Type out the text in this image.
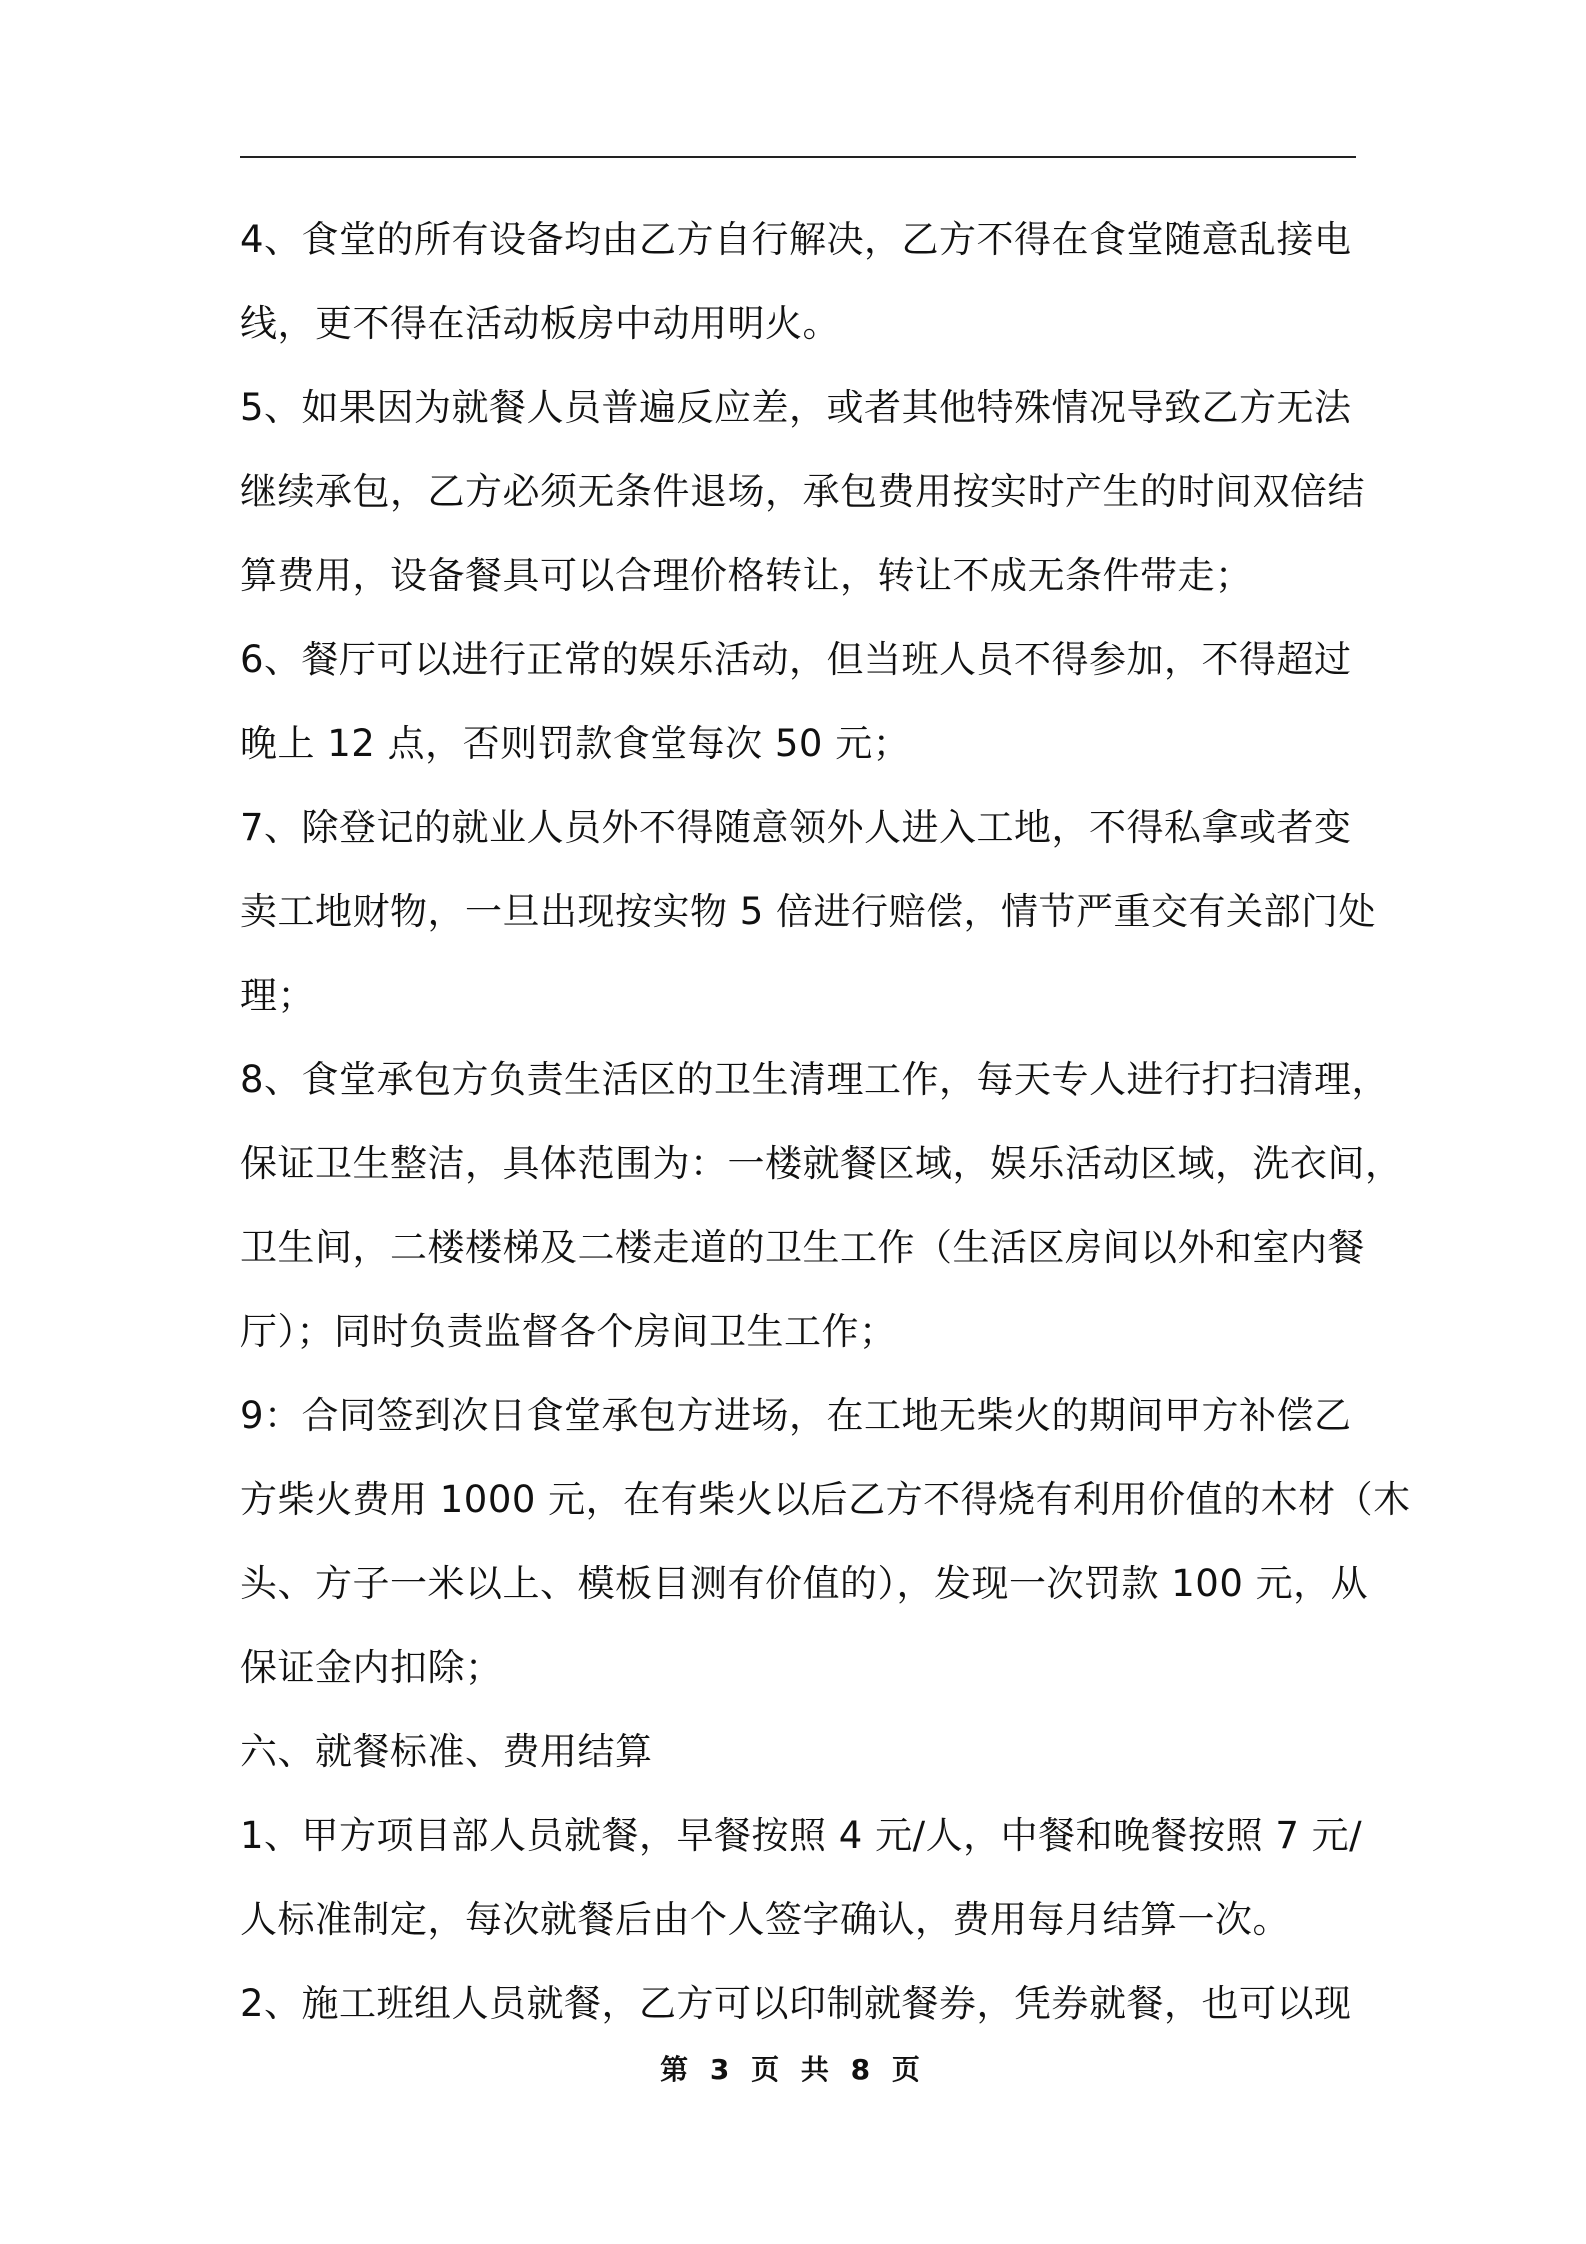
4、食堂的所有设备均由乙方自行解决，乙方不得在食堂随意乱接电
线，更不得在活动板房中动用明火。
5、如果因为就餐人员普遍反应差，或者其他特殊情况导致乙方无法
继续承包，乙方必须无条件退场，承包费用按实时产生的时间双倍结
算费用，设备餐具可以合理价格转让，转让不成无条件带走；
6、餐厅可以进行正常的娱乐活动，但当班人员不得参加，不得超过
晚上 12 点，否则罚款食堂每次 50 元；
7、除登记的就业人员外不得随意领外人进入工地，不得私拿或者变
卖工地财物，一旦出现按实物 5 倍进行赔偿，情节严重交有关部门处
理；
8、食堂承包方负责生活区的卫生清理工作，每天专人进行打扫清理，
保证卫生整洁，具体范围为：一楼就餐区域，娱乐活动区域，洗衣间，
卫生间，二楼楼梯及二楼走道的卫生工作（生活区房间以外和室内餐
厅）；同时负责监督各个房间卫生工作；
9：合同签到次日食堂承包方进场，在工地无柴火的期间甲方补偿乙
方柴火费用 1000 元，在有柴火以后乙方不得烧有利用价值的木材（木
头、方子一米以上、模板目测有价值的），发现一次罚款 100 元，从
保证金内扣除；
六、就餐标准、费用结算
1、甲方项目部人员就餐，早餐按照 4 元/人，中餐和晚餐按照 7 元/
人标准制定，每次就餐后由个人签字确认，费用每月结算一次。
2、施工班组人员就餐，乙方可以印制就餐券，凭券就餐，也可以现
第 3 页 共 8 页
